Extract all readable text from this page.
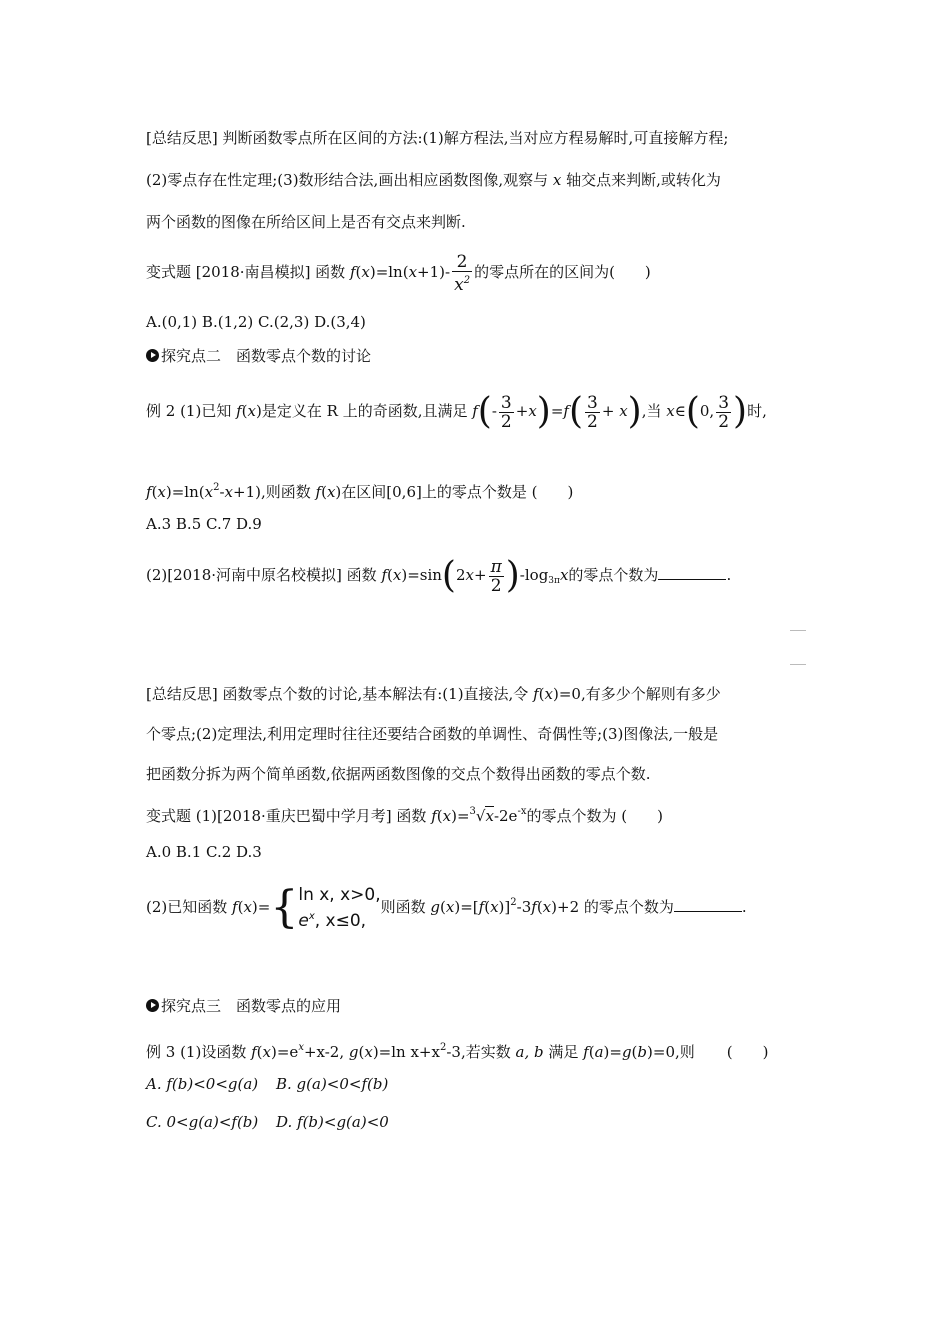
[总结反思] 判断函数零点所在区间的方法:(1)解方程法,当对应方程易解时,可直接解方程;
(2)零点存在性定理;(3)数形结合法,画出相应函数图像,观察与 x 轴交点来判断,或转化为
两个函数的图像在所给区间上是否有交点来判断.
变式题 [2018·南昌模拟] 函数 $f(x)=\ln(x+1)- \frac{2}{x^2}$ 的零点所在的区间为(　　)
A.(0,1) B.(1,2) C.(2,3) D.(3,4)
探究点二　函数零点个数的讨论
例 2 (1)已知 f(x)是定义在 R 上的奇函数,且满足 $f(- \frac{3}{2} +x)=f( \frac{3}{2} + x)$,当 x∈(0, $\frac{3}{2}$ )时,
$f(x)=\ln(x^2-x+1)$,则函数 f(x)在区间[0,6]上的零点个数是 (　　)
A.3 B.5 C.7 D.9
(2)[2018·河南中原名校模拟] 函数 $f(x)=\sin(2x+ \frac{\pi}{2} )-\log_{3\pi}x$的零点个数为	.
[总结反思] 函数零点个数的讨论,基本解法有:(1)直接法,令 f(x)=0,有多少个解则有多少
个零点;(2)定理法,利用定理时往往还要结合函数的单调性、奇偶性等;(3)图像法,一般是
把函数分拆为两个简单函数,依据两函数图像的交点个数得出函数的零点个数.
变式题 (1)[2018·重庆巴蜀中学月考] 函数 $f(x)=^3√x-2e^{-x}$的零点个数为 (　　)
A.0 B.1 C.2 D.3
(2)已知函数 f(x)={ ln x, x>0,
$e^x$, x≤0,
则函数 $g(x)=[f(x)]^2-3f(x)+2$ 的零点个数为	.
探究点三　函数零点的应用
例 3 (1)设函数 $f(x)=e^x+x-2$, g(x)=ln $x+x^2-3$,若实数 a, b 满足 f(a)=g(b)=0,则 (　　)
A. f(b)<0<g(a) B. g(a)<0<f(b)
C. 0<g(a)<f(b) D. f(b)<g(a)<0
